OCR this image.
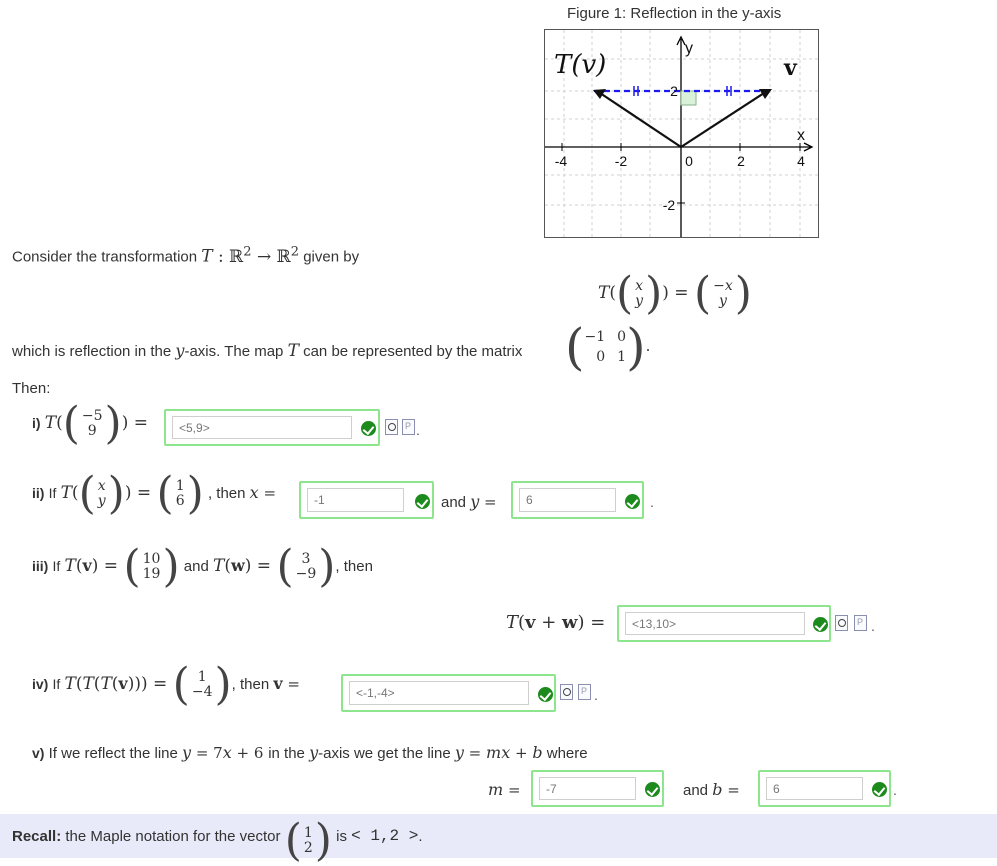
Figure 1: Reflection in the y-axis
T(v)	v
y
x
-4	-2	0	2	4
2
-2
Consider the transformation T : ℝ$^2$ → ℝ$^2$ given by
T( ( x
y ) ) = ( −x
y )
which is reflection in the y-axis. The map T can be represented by the matrix ( −1 0
0 1 ) .
Then:
i) T( ( −5
9 ) ) =
<5,9> P	.
ii) If T( ( x
y ) ) = ( 1
6 ) , then x =
-1
and y =
6	.
iii) If T(v) = ( 10
19 ) and T(w) = ( 3
−9 ) , then
T(v + w) =
<13,10> P	.
iv) If T(T(T(v))) = ( 1
−4 ) , then v =
<-1,-4>
P
.
v) If we reflect the line y = 7x + 6 in the y-axis we get the line y = mx + b where
m =
-7	and b =
6	.
Recall:
the Maple notation for the vector
( 1
2 )
is
< 1,2 > .
